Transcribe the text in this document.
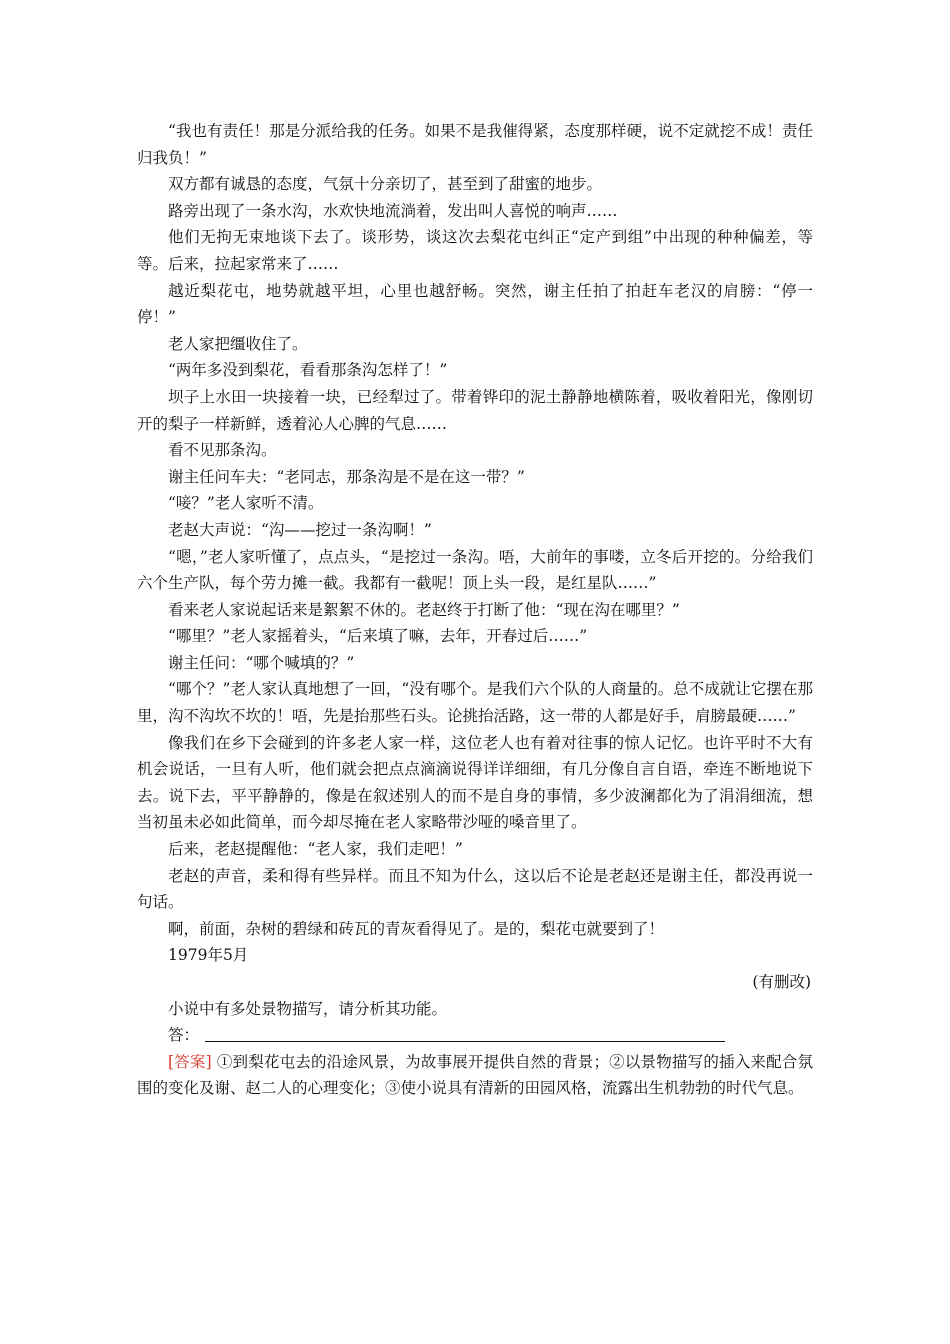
“我也有责任！那是分派给我的任务。如果不是我催得紧，态度那样硬，说不定就挖不成！责任归我负！”

双方都有诚恳的态度，气氛十分亲切了，甚至到了甜蜜的地步。

路旁出现了一条水沟，水欢快地流淌着，发出叫人喜悦的响声……

他们无拘无束地谈下去了。谈形势，谈这次去梨花屯纠正“定产到组”中出现的种种偏差，等等。后来，拉起家常来了……

越近梨花屯，地势就越平坦，心里也越舒畅。突然，谢主任拍了拍赶车老汉的肩膀：“停一停！”

老人家把缰收住了。

“两年多没到梨花，看看那条沟怎样了！”

坝子上水田一块接着一块，已经犁过了。带着铧印的泥土静静地横陈着，吸收着阳光，像刚切开的梨子一样新鲜，透着沁人心脾的气息……

看不见那条沟。

谢主任问车夫：“老同志，那条沟是不是在这一带？”

“唼？”老人家听不清。

老赵大声说：“沟——挖过一条沟啊！”

“嗯，”老人家听懂了，点点头，“是挖过一条沟。唔，大前年的事喽，立冬后开挖的。分给我们六个生产队，每个劳力摊一截。我都有一截呢！顶上头一段，是红星队……”

看来老人家说起话来是絮絮不休的。老赵终于打断了他：“现在沟在哪里？”

“哪里？”老人家摇着头，“后来填了嘛，去年，开春过后……”

谢主任问：“哪个喊填的？”

“哪个？”老人家认真地想了一回，“没有哪个。是我们六个队的人商量的。总不成就让它摆在那里，沟不沟坎不坎的！唔，先是抬那些石头。论挑抬活路，这一带的人都是好手，肩膀最硬……”

像我们在乡下会碰到的许多老人家一样，这位老人也有着对往事的惊人记忆。也许平时不大有机会说话，一旦有人听，他们就会把点点滴滴说得详详细细，有几分像自言自语，牵连不断地说下去。说下去，平平静静的，像是在叙述别人的而不是自身的事情，多少波澜都化为了涓涓细流，想当初虽未必如此简单，而今却尽掩在老人家略带沙哑的嗓音里了。

后来，老赵提醒他：“老人家，我们走吧！”

老赵的声音，柔和得有些异样。而且不知为什么，这以后不论是老赵还是谢主任，都没再说一句话。

啊，前面，杂树的碧绿和砖瓦的青灰看得见了。是的，梨花屯就要到了！

1979年5月

(有删改)

小说中有多处景物描写，请分析其功能。

答：

[答案] ①到梨花屯去的沿途风景，为故事展开提供自然的背景；②以景物描写的插入来配合氛围的变化及谢、赵二人的心理变化；③使小说具有清新的田园风格，流露出生机勃勃的时代气息。
